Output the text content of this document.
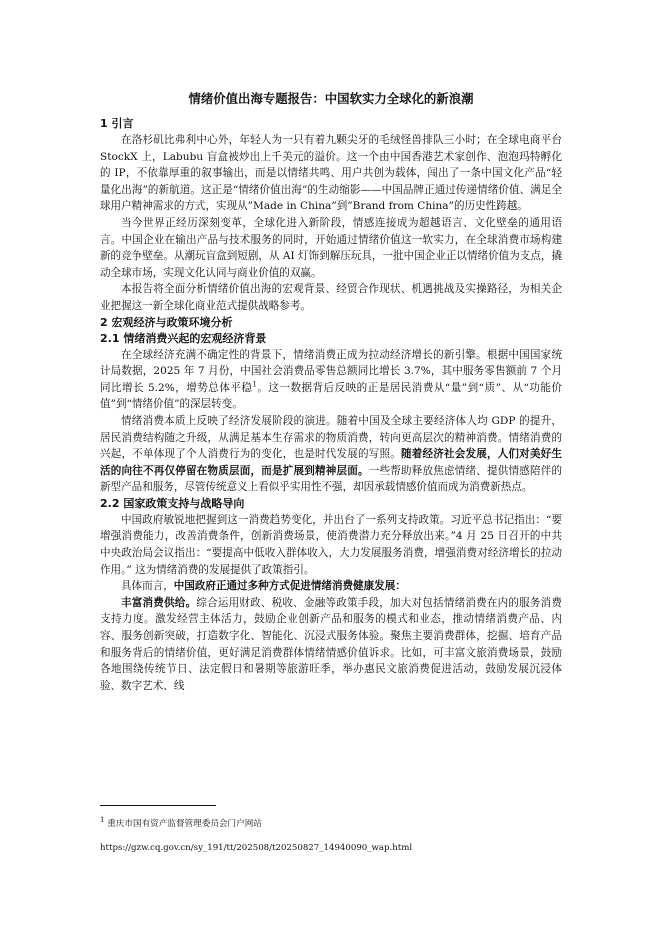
情绪价值出海专题报告：中国软实力全球化的新浪潮
1 引言

在洛杉矶比弗利中心外，年轻人为一只有着九颗尖牙的毛绒怪兽排队三小时；在全球电商平台 StockX 上，Labubu 盲盒被炒出上千美元的溢价。这一个由中国香港艺术家创作、泡泡玛特孵化的 IP，不依靠厚重的叙事输出，而是以情绪共鸣、用户共创为载体，闯出了一条中国文化产品“轻量化出海”的新航道。这正是“情绪价值出海”的生动缩影——中国品牌正通过传递情绪价值、满足全球用户精神需求的方式，实现从”Made in China”到”Brand from China”的历史性跨越。

当今世界正经历深刻变革，全球化进入新阶段，情感连接成为超越语言、文化壁垒的通用语言。中国企业在输出产品与技术服务的同时，开始通过情绪价值这一软实力，在全球消费市场构建新的竞争壁垒。从潮玩盲盒到短剧，从 AI 灯饰到解压玩具，一批中国企业正以情绪价值为支点，撬动全球市场，实现文化认同与商业价值的双赢。

本报告将全面分析情绪价值出海的宏观背景、经贸合作现状、机遇挑战及实操路径，为相关企业把握这一新全球化商业范式提供战略参考。

2 宏观经济与政策环境分析
2.1 情绪消费兴起的宏观经济背景

在全球经济充满不确定性的背景下，情绪消费正成为拉动经济增长的新引擎。根据中国国家统计局数据，2025 年 7 月份，中国社会消费品零售总额同比增长 3.7%，其中服务零售额前 7 个月同比增长 5.2%，增势总体平稳$^1$。这一数据背后反映的正是居民消费从“量”到“质”、从“功能价值”到“情绪价值”的深层转变。

情绪消费本质上反映了经济发展阶段的演进。随着中国及全球主要经济体人均 GDP 的提升，居民消费结构随之升级，从满足基本生存需求的物质消费，转向更高层次的精神消费。情绪消费的兴起，不单体现了个人消费行为的变化，也是时代发展的写照。随着经济社会发展，人们对美好生活的向往不再仅停留在物质层面，而是扩展到精神层面。一些帮助释放焦虑情绪、提供情感陪伴的新型产品和服务，尽管传统意义上看似乎实用性不强，却因承载情感价值而成为消费新热点。

2.2 国家政策支持与战略导向

中国政府敏锐地把握到这一消费趋势变化，并出台了一系列支持政策。习近平总书记指出：“要增强消费能力，改善消费条件，创新消费场景，使消费潜力充分释放出来。”4 月 25 日召开的中共中央政治局会议指出：“要提高中低收入群体收入，大力发展服务消费，增强消费对经济增长的拉动作用。” 这为情绪消费的发展提供了政策指引。

具体而言，中国政府正通过多种方式促进情绪消费健康发展：

丰富消费供给。综合运用财政、税收、金融等政策手段，加大对包括情绪消费在内的服务消费支持力度。激发经营主体活力，鼓励企业创新产品和服务的模式和业态，推动情绪消费产品、内容、服务创新突破，打造数字化、智能化、沉浸式服务体验。聚焦主要消费群体，挖掘、培育产品和服务背后的情绪价值，更好满足消费群体情绪情感价值诉求。比如，可丰富文旅消费场景，鼓励各地围绕传统节日、法定假日和暑期等旅游旺季，举办惠民文旅消费促进活动，鼓励发展沉浸体验、数字艺术、线

$^1$ 重庆市国有资产监督管理委员会门户网站
https://gzw.cq.gov.cn/sy_191/tt/202508/t20250827_14940090_wap.html
